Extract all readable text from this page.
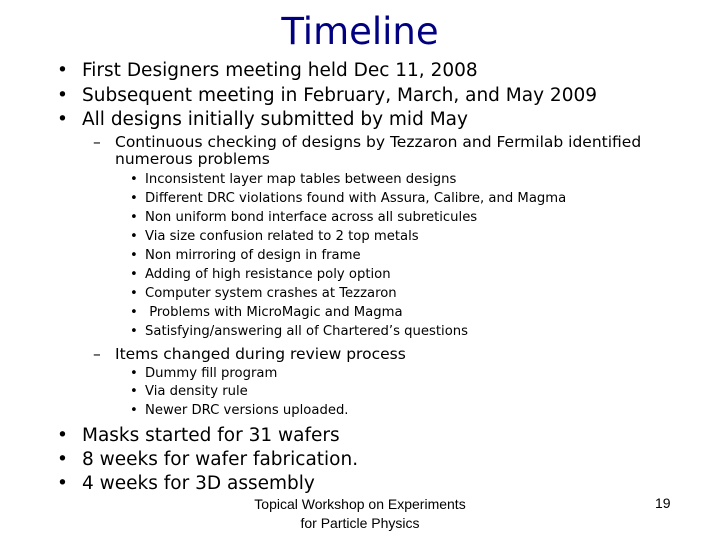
Timeline
• First Designers meeting held Dec 11, 2008
• Subsequent meeting in February, March, and May 2009
• All designs initially submitted by mid May
– Continuous checking of designs by Tezzaron and Fermilab identified
numerous problems
• Inconsistent layer map tables between designs
• Different DRC violations found with Assura, Calibre, and Magma
• Non uniform bond interface across all subreticules
• Via size confusion related to 2 top metals
• Non mirroring of design in frame
• Adding of high resistance poly option
• Computer system crashes at Tezzaron
• Problems with MicroMagic and Magma
• Satisfying/answering all of Chartered’s questions
– Items changed during review process
• Dummy fill program
• Via density rule
• Newer DRC versions uploaded.
• Masks started for 31 wafers
• 8 weeks for wafer fabrication.
• 4 weeks for 3D assembly
Topical Workshop on Experiments
for Particle Physics
19
